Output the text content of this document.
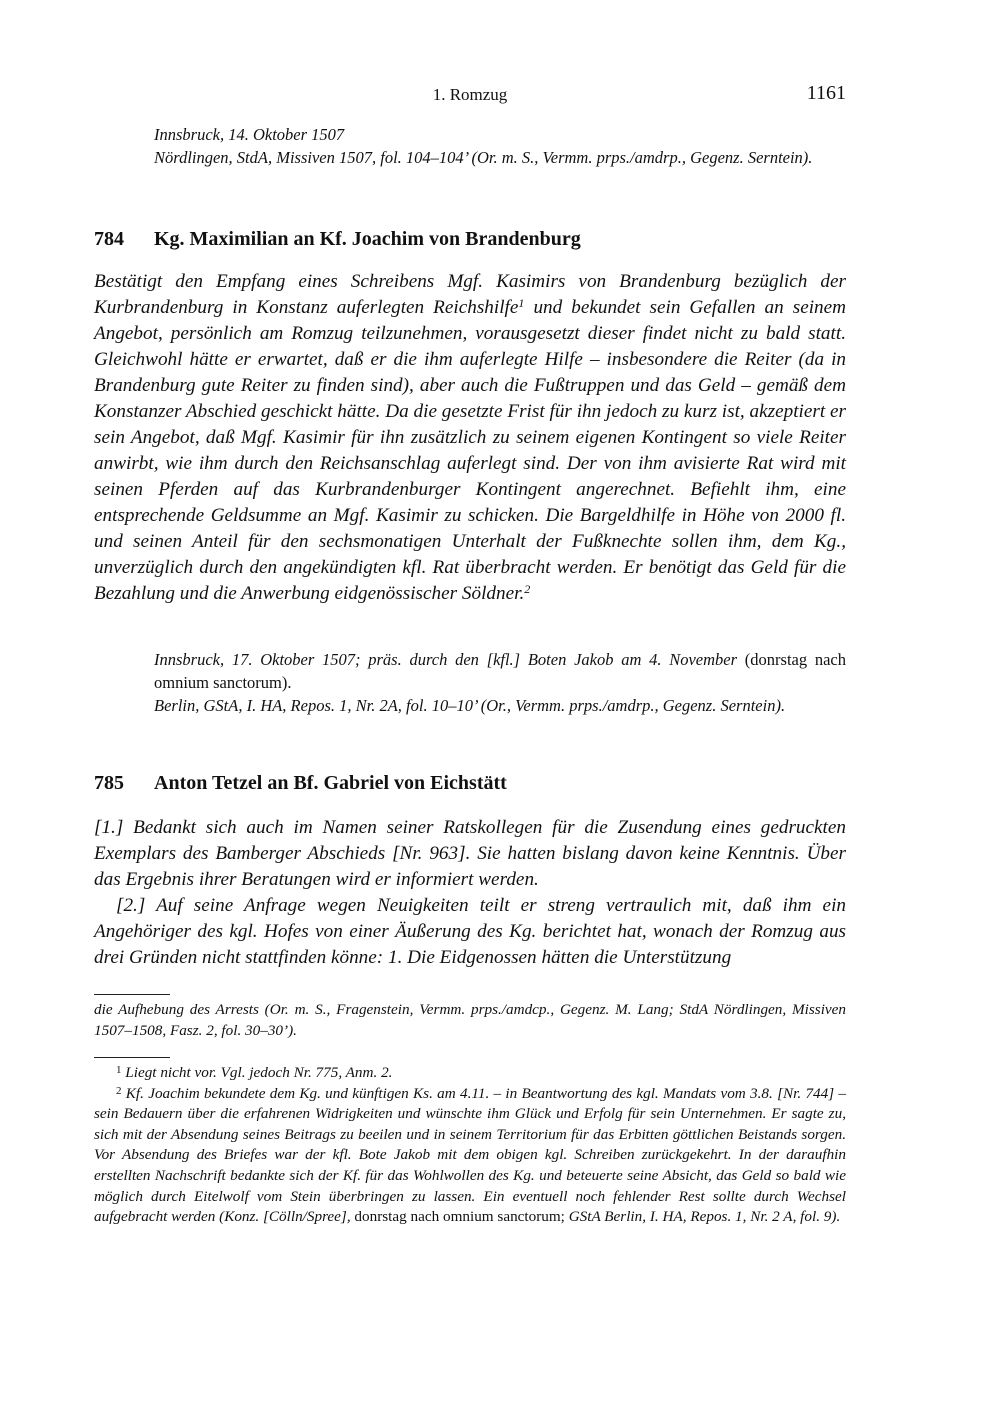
1. Romzug	1161

Innsbruck, 14. Oktober 1507

Nördlingen, StdA, Missiven 1507, fol. 104–104’ (Or. m. S., Vermm. prps./amdrp., Gegenz. Serntein).

784 Kg. Maximilian an Kf. Joachim von Brandenburg

Bestätigt den Empfang eines Schreibens Mgf. Kasimirs von Brandenburg bezüglich der Kurbrandenburg in Konstanz auferlegten Reichshilfe$^1$ und bekundet sein Gefallen an seinem Angebot, persönlich am Romzug teilzunehmen, vorausgesetzt dieser findet nicht zu bald statt. Gleichwohl hätte er erwartet, daß er die ihm auferlegte Hilfe – insbesondere die Reiter (da in Brandenburg gute Reiter zu finden sind), aber auch die Fußtruppen und das Geld – gemäß dem Konstanzer Abschied geschickt hätte. Da die gesetzte Frist für ihn jedoch zu kurz ist, akzeptiert er sein Angebot, daß Mgf. Kasimir für ihn zusätzlich zu seinem eigenen Kontingent so viele Reiter anwirbt, wie ihm durch den Reichsanschlag auferlegt sind. Der von ihm avisierte Rat wird mit seinen Pferden auf das Kurbrandenburger Kontingent angerechnet. Befiehlt ihm, eine entsprechende Geldsumme an Mgf. Kasimir zu schicken. Die Bargeldhilfe in Höhe von 2000 fl. und seinen Anteil für den sechsmonatigen Unterhalt der Fußknechte sollen ihm, dem Kg., unverzüglich durch den angekündigten kfl. Rat überbracht werden. Er benötigt das Geld für die Bezahlung und die Anwerbung eidgenössischer Söldner.$^2$

Innsbruck, 17. Oktober 1507; präs. durch den [kfl.] Boten Jakob am 4. November (donrstag nach omnium sanctorum).

Berlin, GStA, I. HA, Repos. 1, Nr. 2A, fol. 10–10’ (Or., Vermm. prps./amdrp., Gegenz. Serntein).

785 Anton Tetzel an Bf. Gabriel von Eichstätt

[1.] Bedankt sich auch im Namen seiner Ratskollegen für die Zusendung eines gedruckten Exemplars des Bamberger Abschieds [Nr. 963]. Sie hatten bislang davon keine Kenntnis. Über das Ergebnis ihrer Beratungen wird er informiert werden.

[2.] Auf seine Anfrage wegen Neuigkeiten teilt er streng vertraulich mit, daß ihm ein Angehöriger des kgl. Hofes von einer Äußerung des Kg. berichtet hat, wonach der Romzug aus drei Gründen nicht stattfinden könne: 1. Die Eidgenossen hätten die Unterstützung

die Aufhebung des Arrests (Or. m. S., Fragenstein, Vermm. prps./amdcp., Gegenz. M. Lang; StdA Nördlingen, Missiven 1507–1508, Fasz. 2, fol. 30–30’).

$^1$ Liegt nicht vor. Vgl. jedoch Nr. 775, Anm. 2.

$^2$ Kf. Joachim bekundete dem Kg. und künftigen Ks. am 4.11. – in Beantwortung des kgl. Mandats vom 3.8. [Nr. 744] – sein Bedauern über die erfahrenen Widrigkeiten und wünschte ihm Glück und Erfolg für sein Unternehmen. Er sagte zu, sich mit der Absendung seines Beitrags zu beeilen und in seinem Territorium für das Erbitten göttlichen Beistands sorgen. Vor Absendung des Briefes war der kfl. Bote Jakob mit dem obigen kgl. Schreiben zurückgekehrt. In der daraufhin erstellten Nachschrift bedankte sich der Kf. für das Wohlwollen des Kg. und beteuerte seine Absicht, das Geld so bald wie möglich durch Eitelwolf vom Stein überbringen zu lassen. Ein eventuell noch fehlender Rest sollte durch Wechsel aufgebracht werden (Konz. [Cölln/Spree], donrstag nach omnium sanctorum; GStA Berlin, I. HA, Repos. 1, Nr. 2 A, fol. 9).
